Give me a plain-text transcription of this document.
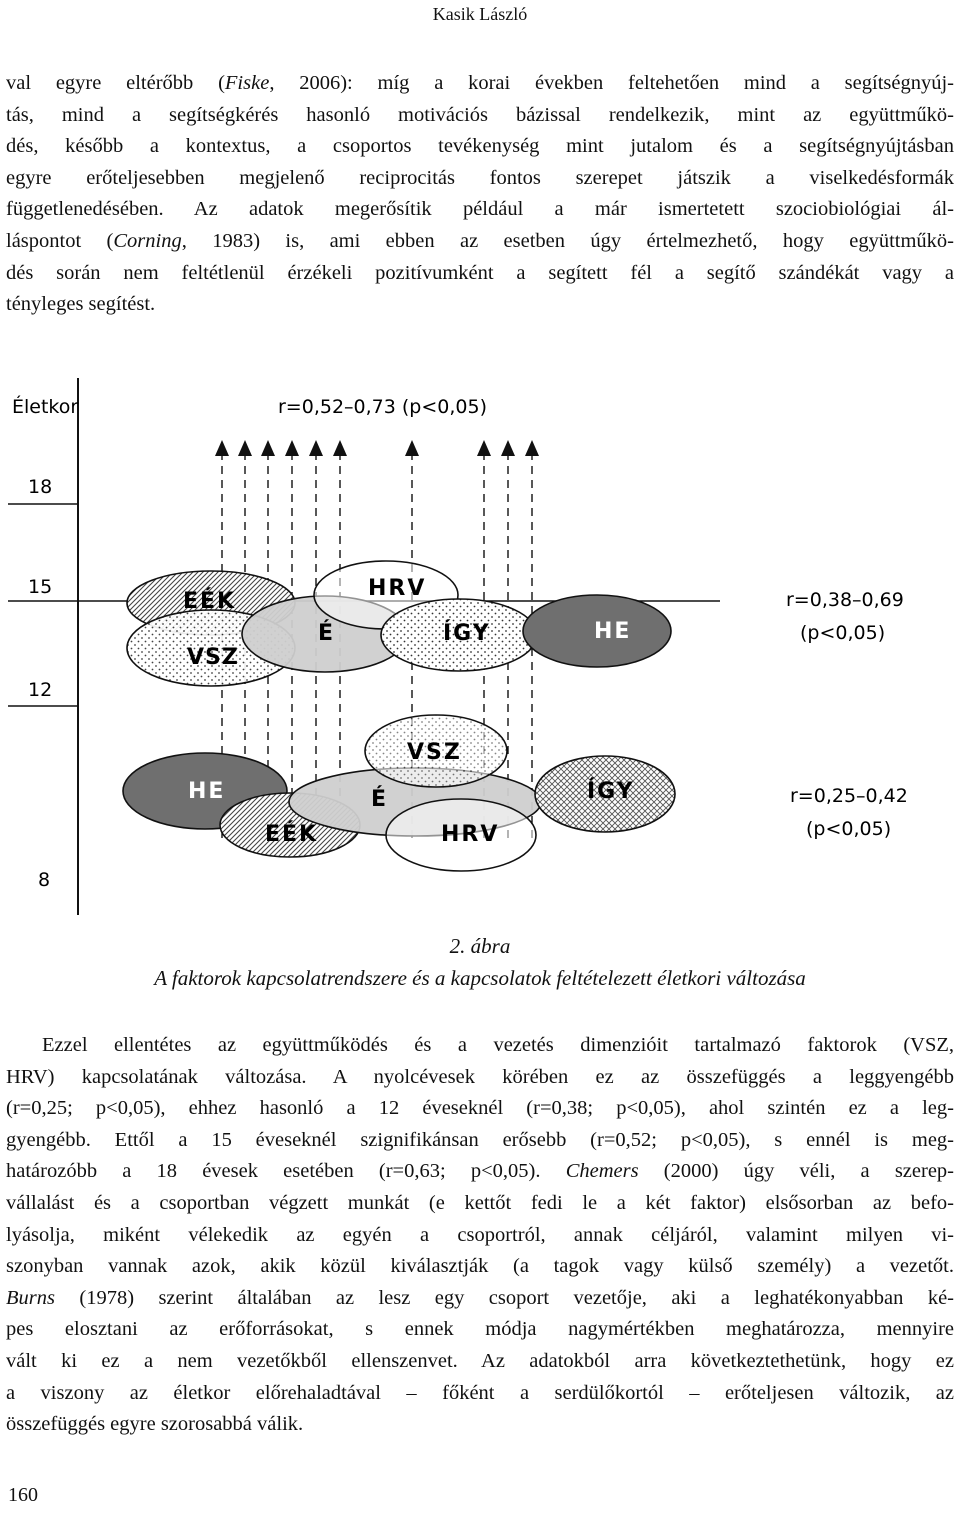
Kasik László
val egyre eltérőbb (Fiske, 2006): míg a korai években feltehetően mind a segítségnyúj-
tás, mind a segítségkérés hasonló motivációs bázissal rendelkezik, mint az együttműkö-
dés, később a kontextus, a csoportos tevékenység mint jutalom és a segítségnyújtásban
egyre erőteljesebben megjelenő reciprocitás fontos szerepet játszik a viselkedésformák
függetlenedésében. Az adatok megerősítik például a már ismertetett szociobiológiai ál-
láspontot (Corning, 1983) is, ami ebben az esetben úgy értelmezhető, hogy együttműkö-
dés során nem feltétlenül érzékeli pozitívumként a segített fél a segítő szándékát vagy a
tényleges segítést.
Életkor	r=0,52–0,73 (p<0,05)
18
15
12
8
EÉK
VSZ
É
HRV
ÍGY	HE
r=0,38–0,69
(p<0,05)
HE
EÉK
É
VSZ
HRV
ÍGY	r=0,25–0,42
(p<0,05)
2. ábra
A faktorok kapcsolatrendszere és a kapcsolatok feltételezett életkori változása
Ezzel ellentétes az együttműködés és a vezetés dimenzióit tartalmazó faktorok (VSZ,
HRV) kapcsolatának változása. A nyolcévesek körében ez az összefüggés a leggyengébb
(r=0,25; p<0,05), ehhez hasonló a 12 éveseknél (r=0,38; p<0,05), ahol szintén ez a leg-
gyengébb. Ettől a 15 éveseknél szignifikánsan erősebb (r=0,52; p<0,05), s ennél is meg-
határozóbb a 18 évesek esetében (r=0,63; p<0,05). Chemers (2000) úgy véli, a szerep-
vállalást és a csoportban végzett munkát (e kettőt fedi le a két faktor) elsősorban az befo-
lyásolja, miként vélekedik az egyén a csoportról, annak céljáról, valamint milyen vi-
szonyban vannak azok, akik közül kiválasztják (a tagok vagy külső személy) a vezetőt.
Burns (1978) szerint általában az lesz egy csoport vezetője, aki a leghatékonyabban ké-
pes elosztani az erőforrásokat, s ennek módja nagymértékben meghatározza, mennyire
vált ki ez a nem vezetőkből ellenszenvet. Az adatokból arra következtethetünk, hogy ez
a viszony az életkor előrehaladtával – főként a serdülőkortól – erőteljesen változik, az
összefüggés egyre szorosabbá válik.
160
